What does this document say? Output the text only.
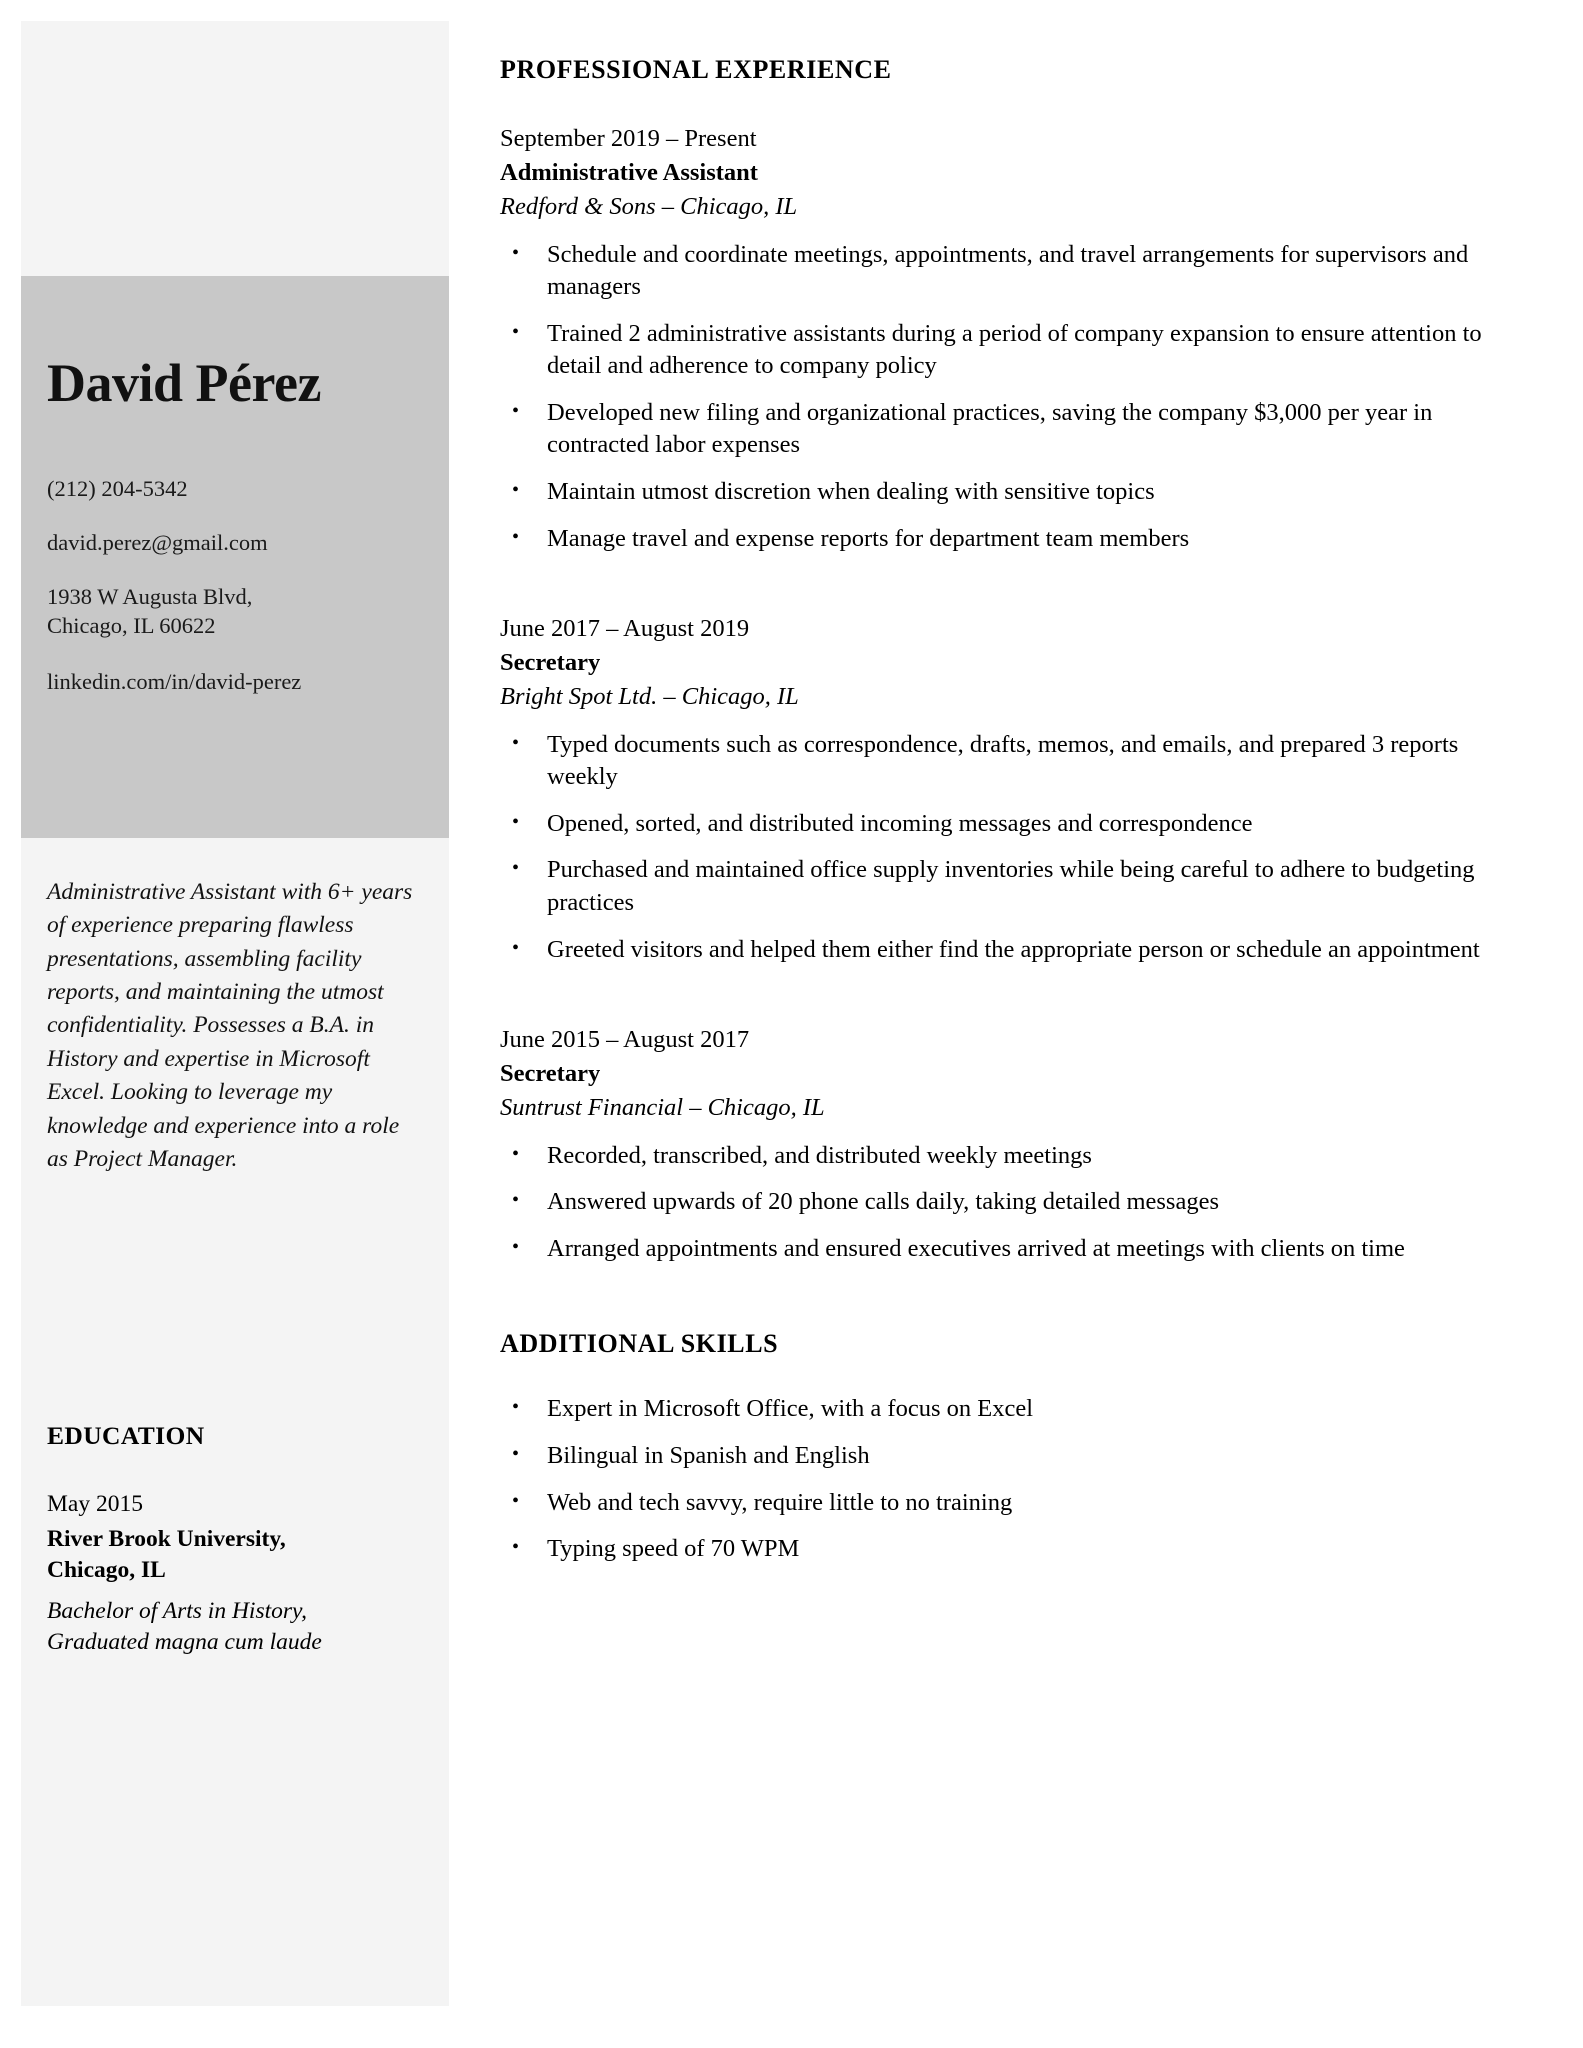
David Pérez
(212) 204-5342
david.perez@gmail.com
1938 W Augusta Blvd,
Chicago, IL 60622
linkedin.com/in/david-perez

Administrative Assistant with 6+ years of experience preparing flawless presentations, assembling facility reports, and maintaining the utmost confidentiality. Possesses a B.A. in History and expertise in Microsoft Excel. Looking to leverage my knowledge and experience into a role as Project Manager.

EDUCATION

May 2015

River Brook University,
Chicago, IL

Bachelor of Arts in History,
Graduated magna cum laude

PROFESSIONAL EXPERIENCE

September 2019 – Present

Administrative Assistant

Redford & Sons – Chicago, IL

• Schedule and coordinate meetings, appointments, and travel arrangements for supervisors and managers
• Trained 2 administrative assistants during a period of company expansion to ensure attention to detail and adherence to company policy
• Developed new filing and organizational practices, saving the company $3,000 per year in contracted labor expenses
• Maintain utmost discretion when dealing with sensitive topics
• Manage travel and expense reports for department team members

June 2017 – August 2019

Secretary

Bright Spot Ltd. – Chicago, IL

• Typed documents such as correspondence, drafts, memos, and emails, and prepared 3 reports weekly
• Opened, sorted, and distributed incoming messages and correspondence
• Purchased and maintained office supply inventories while being careful to adhere to budgeting practices
• Greeted visitors and helped them either find the appropriate person or schedule an appointment

June 2015 – August 2017

Secretary

Suntrust Financial – Chicago, IL

• Recorded, transcribed, and distributed weekly meetings
• Answered upwards of 20 phone calls daily, taking detailed messages
• Arranged appointments and ensured executives arrived at meetings with clients on time
ADDITIONAL SKILLS
• Expert in Microsoft Office, with a focus on Excel
• Bilingual in Spanish and English
• Web and tech savvy, require little to no training
• Typing speed of 70 WPM
